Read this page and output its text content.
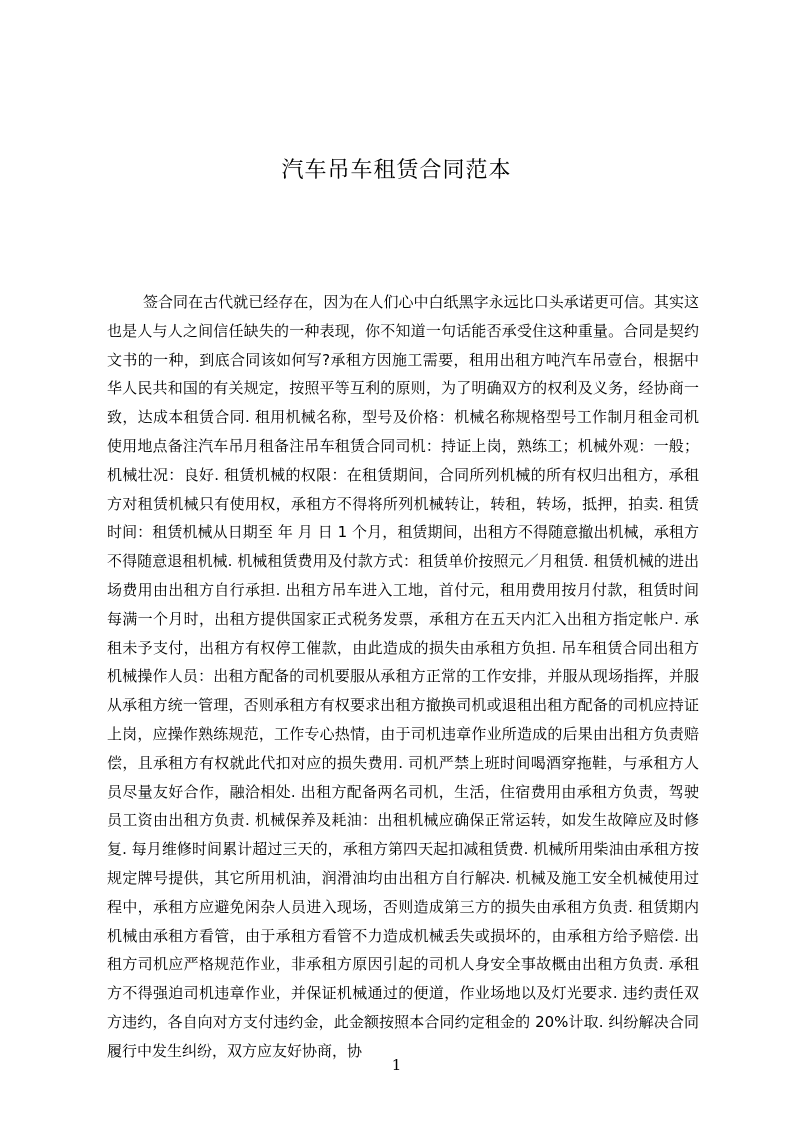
汽车吊车租赁合同范本

签合同在古代就已经存在，因为在人们心中白纸黑字永远比口头承诺更可信。其实这也是人与人之间信任缺失的一种表现，你不知道一句话能否承受住这种重量。合同是契约文书的一种，到底合同该如何写?承租方因施工需要，租用出租方吨汽车吊壹台，根据中华人民共和国的有关规定，按照平等互利的原则，为了明确双方的权利及义务，经协商一致，达成本租赁合同. 租用机械名称，型号及价格：机械名称规格型号工作制月租金司机使用地点备注汽车吊月租备注吊车租赁合同司机：持证上岗，熟练工；机械外观：一般；机械壮况：良好. 租赁机械的权限：在租赁期间，合同所列机械的所有权归出租方，承租方对租赁机械只有使用权，承租方不得将所列机械转让，转租，转场，抵押，拍卖. 租赁时间：租赁机械从日期至 年 月 日 1 个月，租赁期间，出租方不得随意撤出机械，承租方不得随意退租机械. 机械租赁费用及付款方式：租赁单价按照元／月租赁. 租赁机械的进出场费用由出租方自行承担. 出租方吊车进入工地，首付元，租用费用按月付款，租赁时间每满一个月时，出租方提供国家正式税务发票，承租方在五天内汇入出租方指定帐户. 承租未予支付，出租方有权停工催款，由此造成的损失由承租方负担. 吊车租赁合同出租方机械操作人员：出租方配备的司机要服从承租方正常的工作安排，并服从现场指挥，并服从承租方统一管理，否则承租方有权要求出租方撤换司机或退租出租方配备的司机应持证上岗，应操作熟练规范，工作专心热情，由于司机违章作业所造成的后果由出租方负责赔偿，且承租方有权就此代扣对应的损失费用. 司机严禁上班时间喝酒穿拖鞋，与承租方人员尽量友好合作，融洽相处. 出租方配备两名司机，生活，住宿费用由承租方负责，驾驶员工资由出租方负责. 机械保养及耗油：出租机械应确保正常运转，如发生故障应及时修复. 每月维修时间累计超过三天的，承租方第四天起扣减租赁费. 机械所用柴油由承租方按规定牌号提供，其它所用机油，润滑油均由出租方自行解决. 机械及施工安全机械使用过程中，承租方应避免闲杂人员进入现场，否则造成第三方的损失由承租方负责. 租赁期内机械由承租方看管，由于承租方看管不力造成机械丢失或损坏的，由承租方给予赔偿. 出租方司机应严格规范作业，非承租方原因引起的司机人身安全事故概由出租方负责. 承租方不得强迫司机违章作业，并保证机械通过的便道，作业场地以及灯光要求. 违约责任双方违约，各自向对方支付违约金，此金额按照本合同约定租金的 20%计取. 纠纷解决合同履行中发生纠纷，双方应友好协商，协

1
